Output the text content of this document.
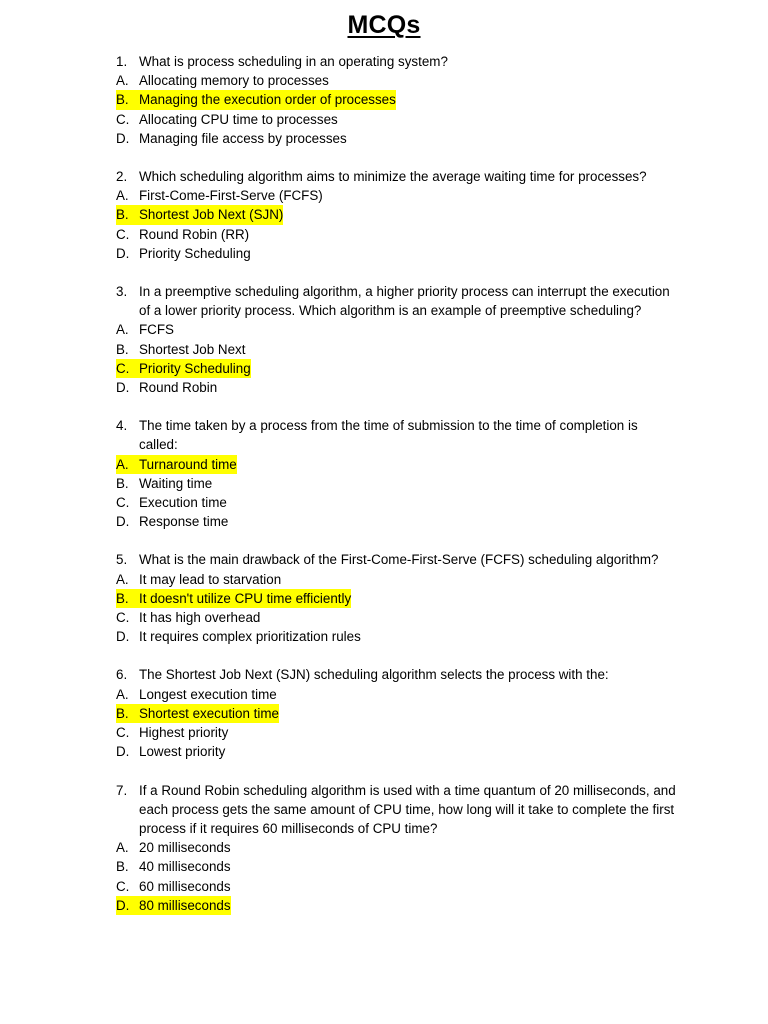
MCQs
1. What is process scheduling in an operating system?
A. Allocating memory to processes
B. Managing the execution order of processes
C. Allocating CPU time to processes
D. Managing file access by processes
2. Which scheduling algorithm aims to minimize the average waiting time for processes?
A. First-Come-First-Serve (FCFS)
B. Shortest Job Next (SJN)
C. Round Robin (RR)
D. Priority Scheduling
3. In a preemptive scheduling algorithm, a higher priority process can interrupt the execution of a lower priority process. Which algorithm is an example of preemptive scheduling?
A. FCFS
B. Shortest Job Next
C. Priority Scheduling
D. Round Robin
4. The time taken by a process from the time of submission to the time of completion is called:
A. Turnaround time
B. Waiting time
C. Execution time
D. Response time
5. What is the main drawback of the First-Come-First-Serve (FCFS) scheduling algorithm?
A. It may lead to starvation
B. It doesn't utilize CPU time efficiently
C. It has high overhead
D. It requires complex prioritization rules
6. The Shortest Job Next (SJN) scheduling algorithm selects the process with the:
A. Longest execution time
B. Shortest execution time
C. Highest priority
D. Lowest priority
7. If a Round Robin scheduling algorithm is used with a time quantum of 20 milliseconds, and each process gets the same amount of CPU time, how long will it take to complete the first process if it requires 60 milliseconds of CPU time?
A. 20 milliseconds
B. 40 milliseconds
C. 60 milliseconds
D. 80 milliseconds
